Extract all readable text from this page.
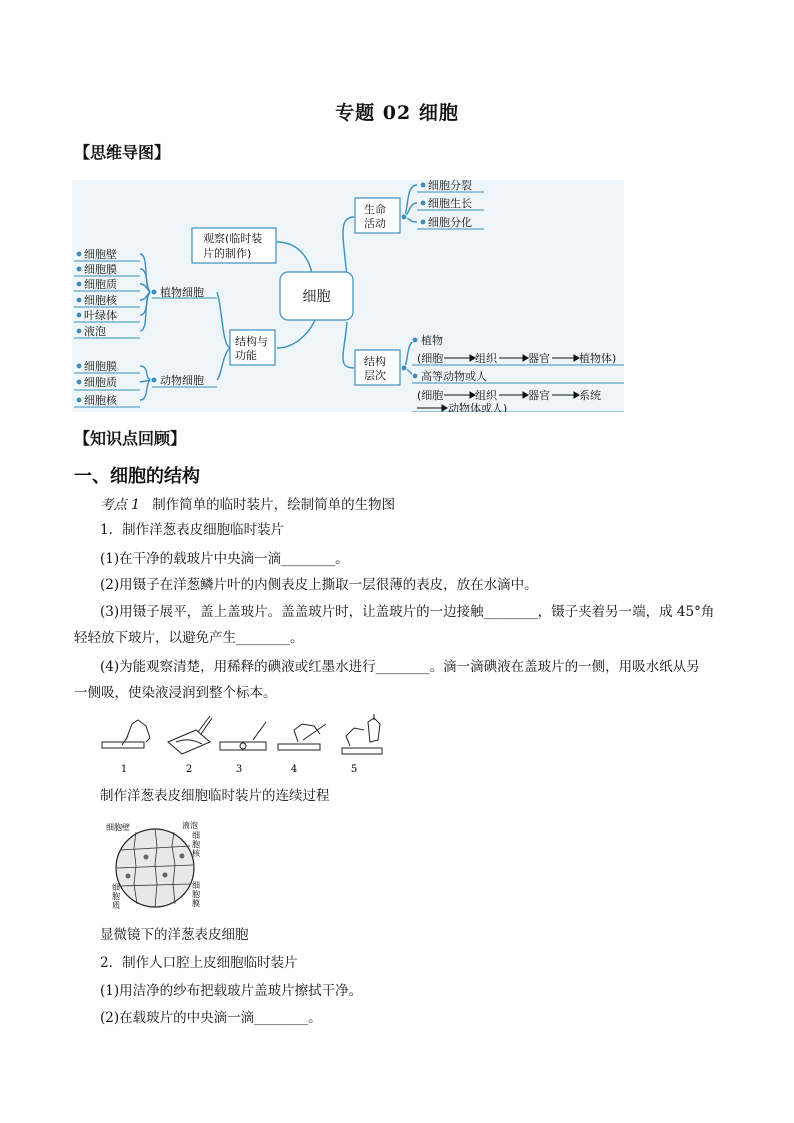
专题 02 细胞
【思维导图】
细胞
观察(临时装
片的制作)
结构与
功能
生命
活动
结构
层次
植物细胞
动物细胞
细胞壁
细胞膜
细胞质
细胞核
叶绿体
液泡
细胞膜
细胞质
细胞核
细胞分裂
细胞生长
细胞分化
植物
(细胞	组织	器官	植物体)
高等动物或人
(细胞	组织	器官	系统
动物体或人)
【知识点回顾】
一、细胞的结构
考点 1 制作简单的临时装片，绘制简单的生物图
1．制作洋葱表皮细胞临时装片
(1)在干净的载玻片中央滴一滴________。
(2)用镊子在洋葱鳞片叶的内侧表皮上撕取一层很薄的表皮，放在水滴中。
(3)用镊子展平，盖上盖玻片。盖盖玻片时，让盖玻片的一边接触________，镊子夹着另一端，成 45°角
轻轻放下玻片，以避免产生________。
(4)为能观察清楚，用稀释的碘液或红墨水进行________。滴一滴碘液在盖玻片的一侧，用吸水纸从另
一侧吸，使染液浸润到整个标本。
1	2	3	4	5
制作洋葱表皮细胞临时装片的连续过程
细胞壁	液泡
细
胞
核
细
胞
质
细
胞
膜
显微镜下的洋葱表皮细胞
2．制作人口腔上皮细胞临时装片
(1)用洁净的纱布把载玻片盖玻片擦拭干净。
(2)在载玻片的中央滴一滴________。
